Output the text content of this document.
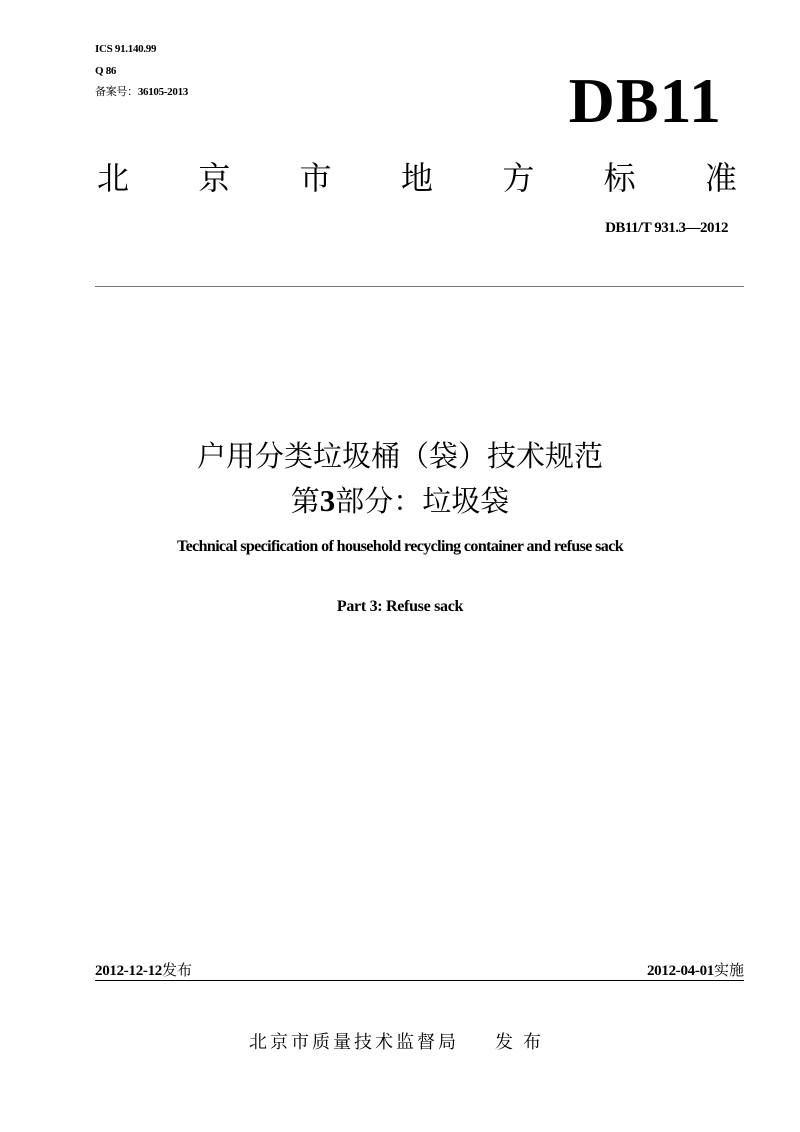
ICS 91.140.99
Q 86
备案号：36105-2013	DB11
北 京 市 地 方 标 准
DB11/T 931.3—2012
户用分类垃圾桶（袋）技术规范
第3部分：垃圾袋
Technical specification of household recycling container and refuse sack
Part 3: Refuse sack
2012-12-12发布	2012-04-01实施
北京市质量技术监督局 发布
